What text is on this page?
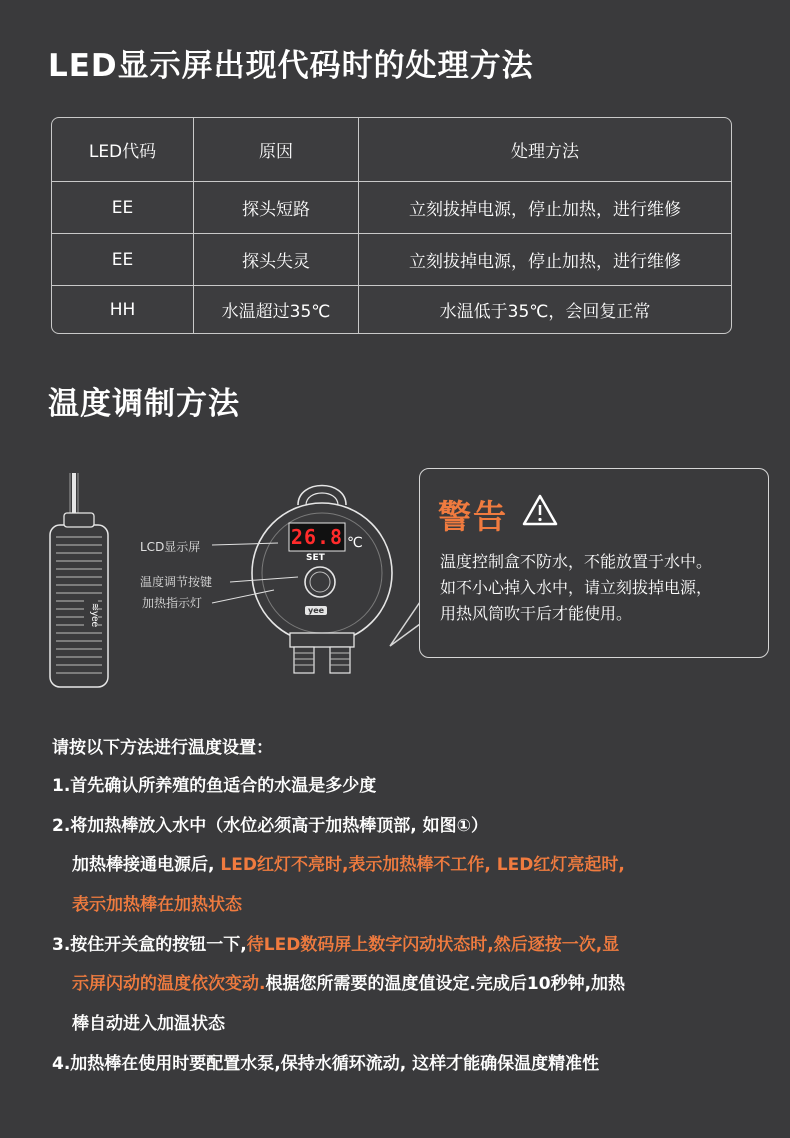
LED显示屏出现代码时的处理方法
LED代码	原因	处理方法
EE	探头短路	立刻拔掉电源，停止加热，进行维修
EE	探头失灵	立刻拔掉电源，停止加热，进行维修
HH	水温超过35℃	水温低于35℃，会回复正常
温度调制方法
≋yee
26.8 ℃
SET
yee
LCD显示屏
温度调节按键
加热指示灯
警告
温度控制盒不防水，不能放置于水中。
如不小心掉入水中，请立刻拔掉电源，
用热风筒吹干后才能使用。
请按以下方法进行温度设置：
1.首先确认所养殖的鱼适合的水温是多少度
2.将加热棒放入水中（水位必须高于加热棒顶部, 如图①）
加热棒接通电源后, LED红灯不亮时,表示加热棒不工作, LED红灯亮起时,
表示加热棒在加热状态
3.按住开关盒的按钮一下,待LED数码屏上数字闪动状态时,然后逐按一次,显
示屏闪动的温度依次变动.根据您所需要的温度值设定.完成后10秒钟,加热
棒自动进入加温状态
4.加热棒在使用时要配置水泵,保持水循环流动, 这样才能确保温度精准性
